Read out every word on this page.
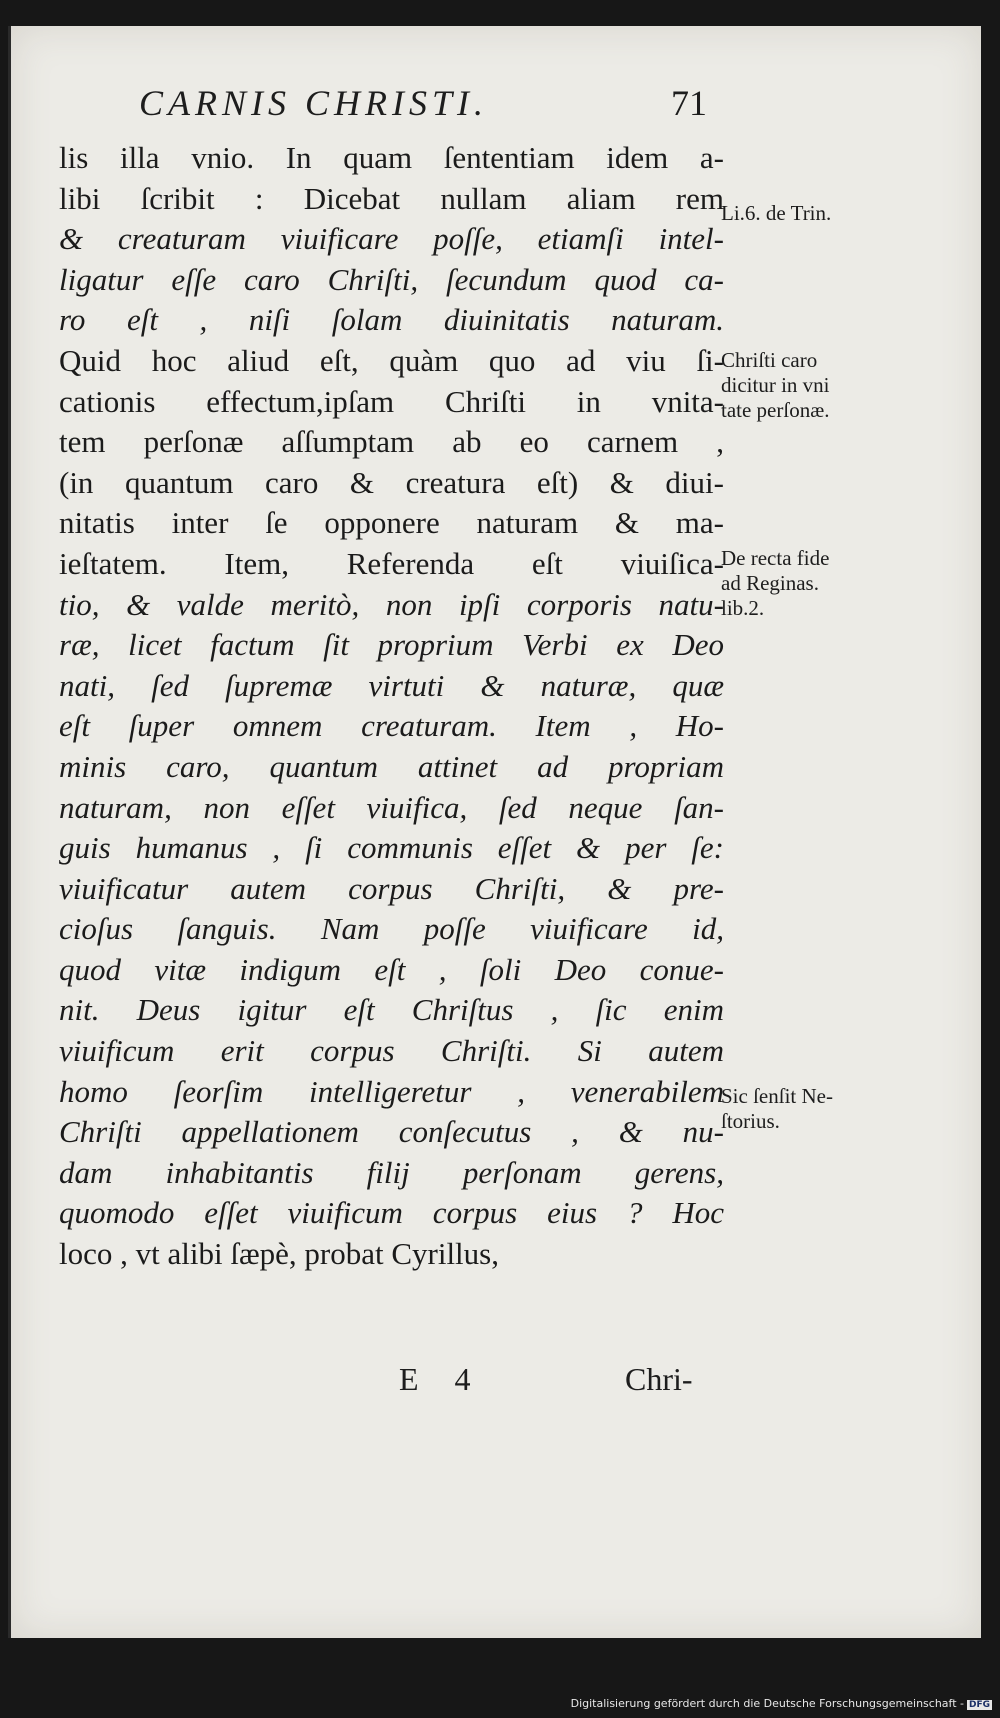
CARNIS CHRISTI.	71
lis illa vnio. In quam ſententiam idem a-
libi ſcribit : Dicebat nullam aliam rem
& creaturam viuificare poſſe, etiamſi intel-
ligatur eſſe caro Chriſti, ſecundum quod ca-
ro eſt , niſi ſolam diuinitatis naturam.
Quid hoc aliud eſt, quàm quo ad viu ſi-
cationis effectum,ipſam Chriſti in vnita-
tem perſonæ aſſumptam ab eo carnem ,
(in quantum caro & creatura eſt) & diui-
nitatis inter ſe opponere naturam & ma-
ieſtatem. Item, Referenda eſt viuiſica-
tio, & valde meritò, non ipſi corporis natu-
ræ, licet factum ſit proprium Verbi ex Deo
nati, ſed ſupremæ virtuti & naturæ, quæ
eſt ſuper omnem creaturam. Item , Ho-
minis caro, quantum attinet ad propriam
naturam, non eſſet viuifica, ſed neque ſan-
guis humanus , ſi communis eſſet & per ſe:
viuificatur autem corpus Chriſti, & pre-
cioſus ſanguis. Nam poſſe viuificare id,
quod vitæ indigum eſt , ſoli Deo conue-
nit. Deus igitur eſt Chriſtus , ſic enim
viuificum erit corpus Chriſti. Si autem
homo ſeorſim intelligeretur , venerabilem
Chriſti appellationem conſecutus , & nu-
dam inhabitantis filij perſonam gerens,
quomodo eſſet viuificum corpus eius ? Hoc
loco , vt alibi ſæpè, probat Cyrillus,
Li.6. de Trin.
Chriſti caro
dicitur in vni
tate perſonæ.
De recta fide
ad Reginas.
lib.2.
Sic ſenſit Ne-
ſtorius.
E 4	Chri-
Digitalisierung gefördert durch die Deutsche Forschungsgemeinschaft - DFG
